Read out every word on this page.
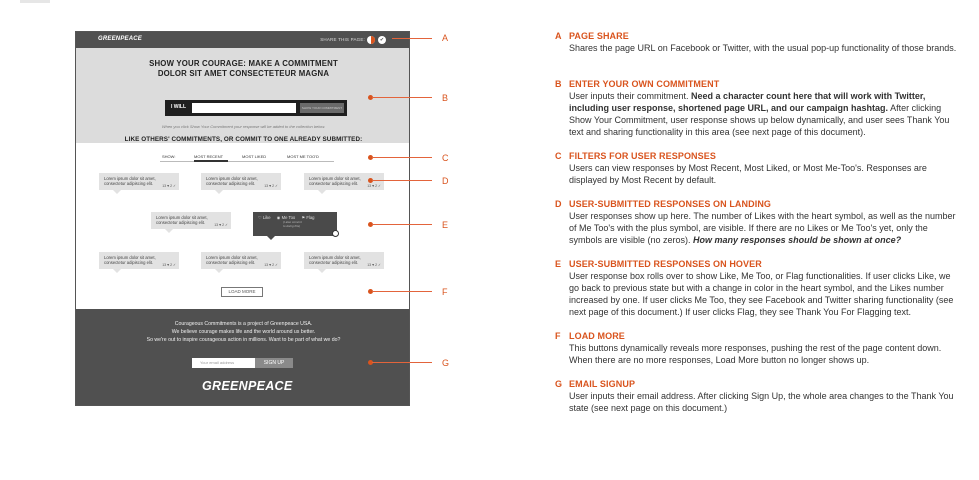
GREENPEACE	SHARE THIS PAGE:	✔
SHOW YOUR COURAGE: MAKE A COMMITMENT
DOLOR SIT AMET CONSECTETEUR MAGNA
I WILL	SHOW YOUR COMMITMENT
When you click Show Your Commitment your response will be added to the collection below.
LIKE OTHERS' COMMITMENTS, OR COMMIT TO ONE ALREADY SUBMITTED:
SHOW:	MOST RECENT	MOST LIKED	MOST ME TOO'D
Lorem ipsum dolor sit amet,
consectetur adipiscing elit.	13 ♥ 2 ✓
Lorem ipsum dolor sit amet,
consectetur adipiscing elit.	13 ♥ 2 ✓
Lorem ipsum dolor sit amet,
consectetur adipiscing elit.	13 ♥ 2 ✓
Lorem ipsum dolor sit amet,
consectetur adipiscing elit.	13 ♥ 2 ✓
♡ Like ◉ Me Too ⚑ Flag
(I also commit
to doing this)
Lorem ipsum dolor sit amet,
consectetur adipiscing elit.	13 ♥ 2 ✓
Lorem ipsum dolor sit amet,
consectetur adipiscing elit.	13 ♥ 2 ✓
Lorem ipsum dolor sit amet,
consectetur adipiscing elit.	13 ♥ 2 ✓
LOAD MORE
Courageous Commitments is a project of Greenpeace USA.
We believe courage makes life and the world around us better.
So we're out to inspire courageous action in millions. Want to be part of what we do?
Your email address	SIGN UP
GREENPEACE
A
B
C
D
E
F
G
A PAGE SHARE
Shares the page URL on Facebook or Twitter, with the usual pop-up functionality of those brands.
B ENTER YOUR OWN COMMITMENT
User inputs their commitment. Need a character count here that will work with Twitter, including user response, shortened page URL, and our campaign hashtag. After clicking Show Your Commitment, user response shows up below dynamically, and user sees Thank You text and sharing functionality in this area (see next page of this document).
C FILTERS FOR USER RESPONSES
Users can view responses by Most Recent, Most Liked, or Most Me-Too's. Responses are displayed by Most Recent by default.
D USER-SUBMITTED RESPONSES ON LANDING
User responses show up here. The number of Likes with the heart symbol, as well as the number of Me Too's with the plus symbol, are visible. If there are no Likes or Me Too's yet, only the symbols are visible (no zeros). How many responses should be shown at once?
E USER-SUBMITTED RESPONSES ON HOVER
User response box rolls over to show Like, Me Too, or Flag functionalities. If user clicks Like, we go back to previous state but with a change in color in the heart symbol, and the Likes number increased by one. If user clicks Me Too, they see Facebook and Twitter sharing functionality (see next page of this document.) If user clicks Flag, they see Thank You For Flagging text.
F LOAD MORE
This buttons dynamically reveals more responses, pushing the rest of the page content down. When there are no more responses, Load More button no longer shows up.
G EMAIL SIGNUP
User inputs their email address. After clicking Sign Up, the whole area changes to the Thank You state (see next page on this document.)
